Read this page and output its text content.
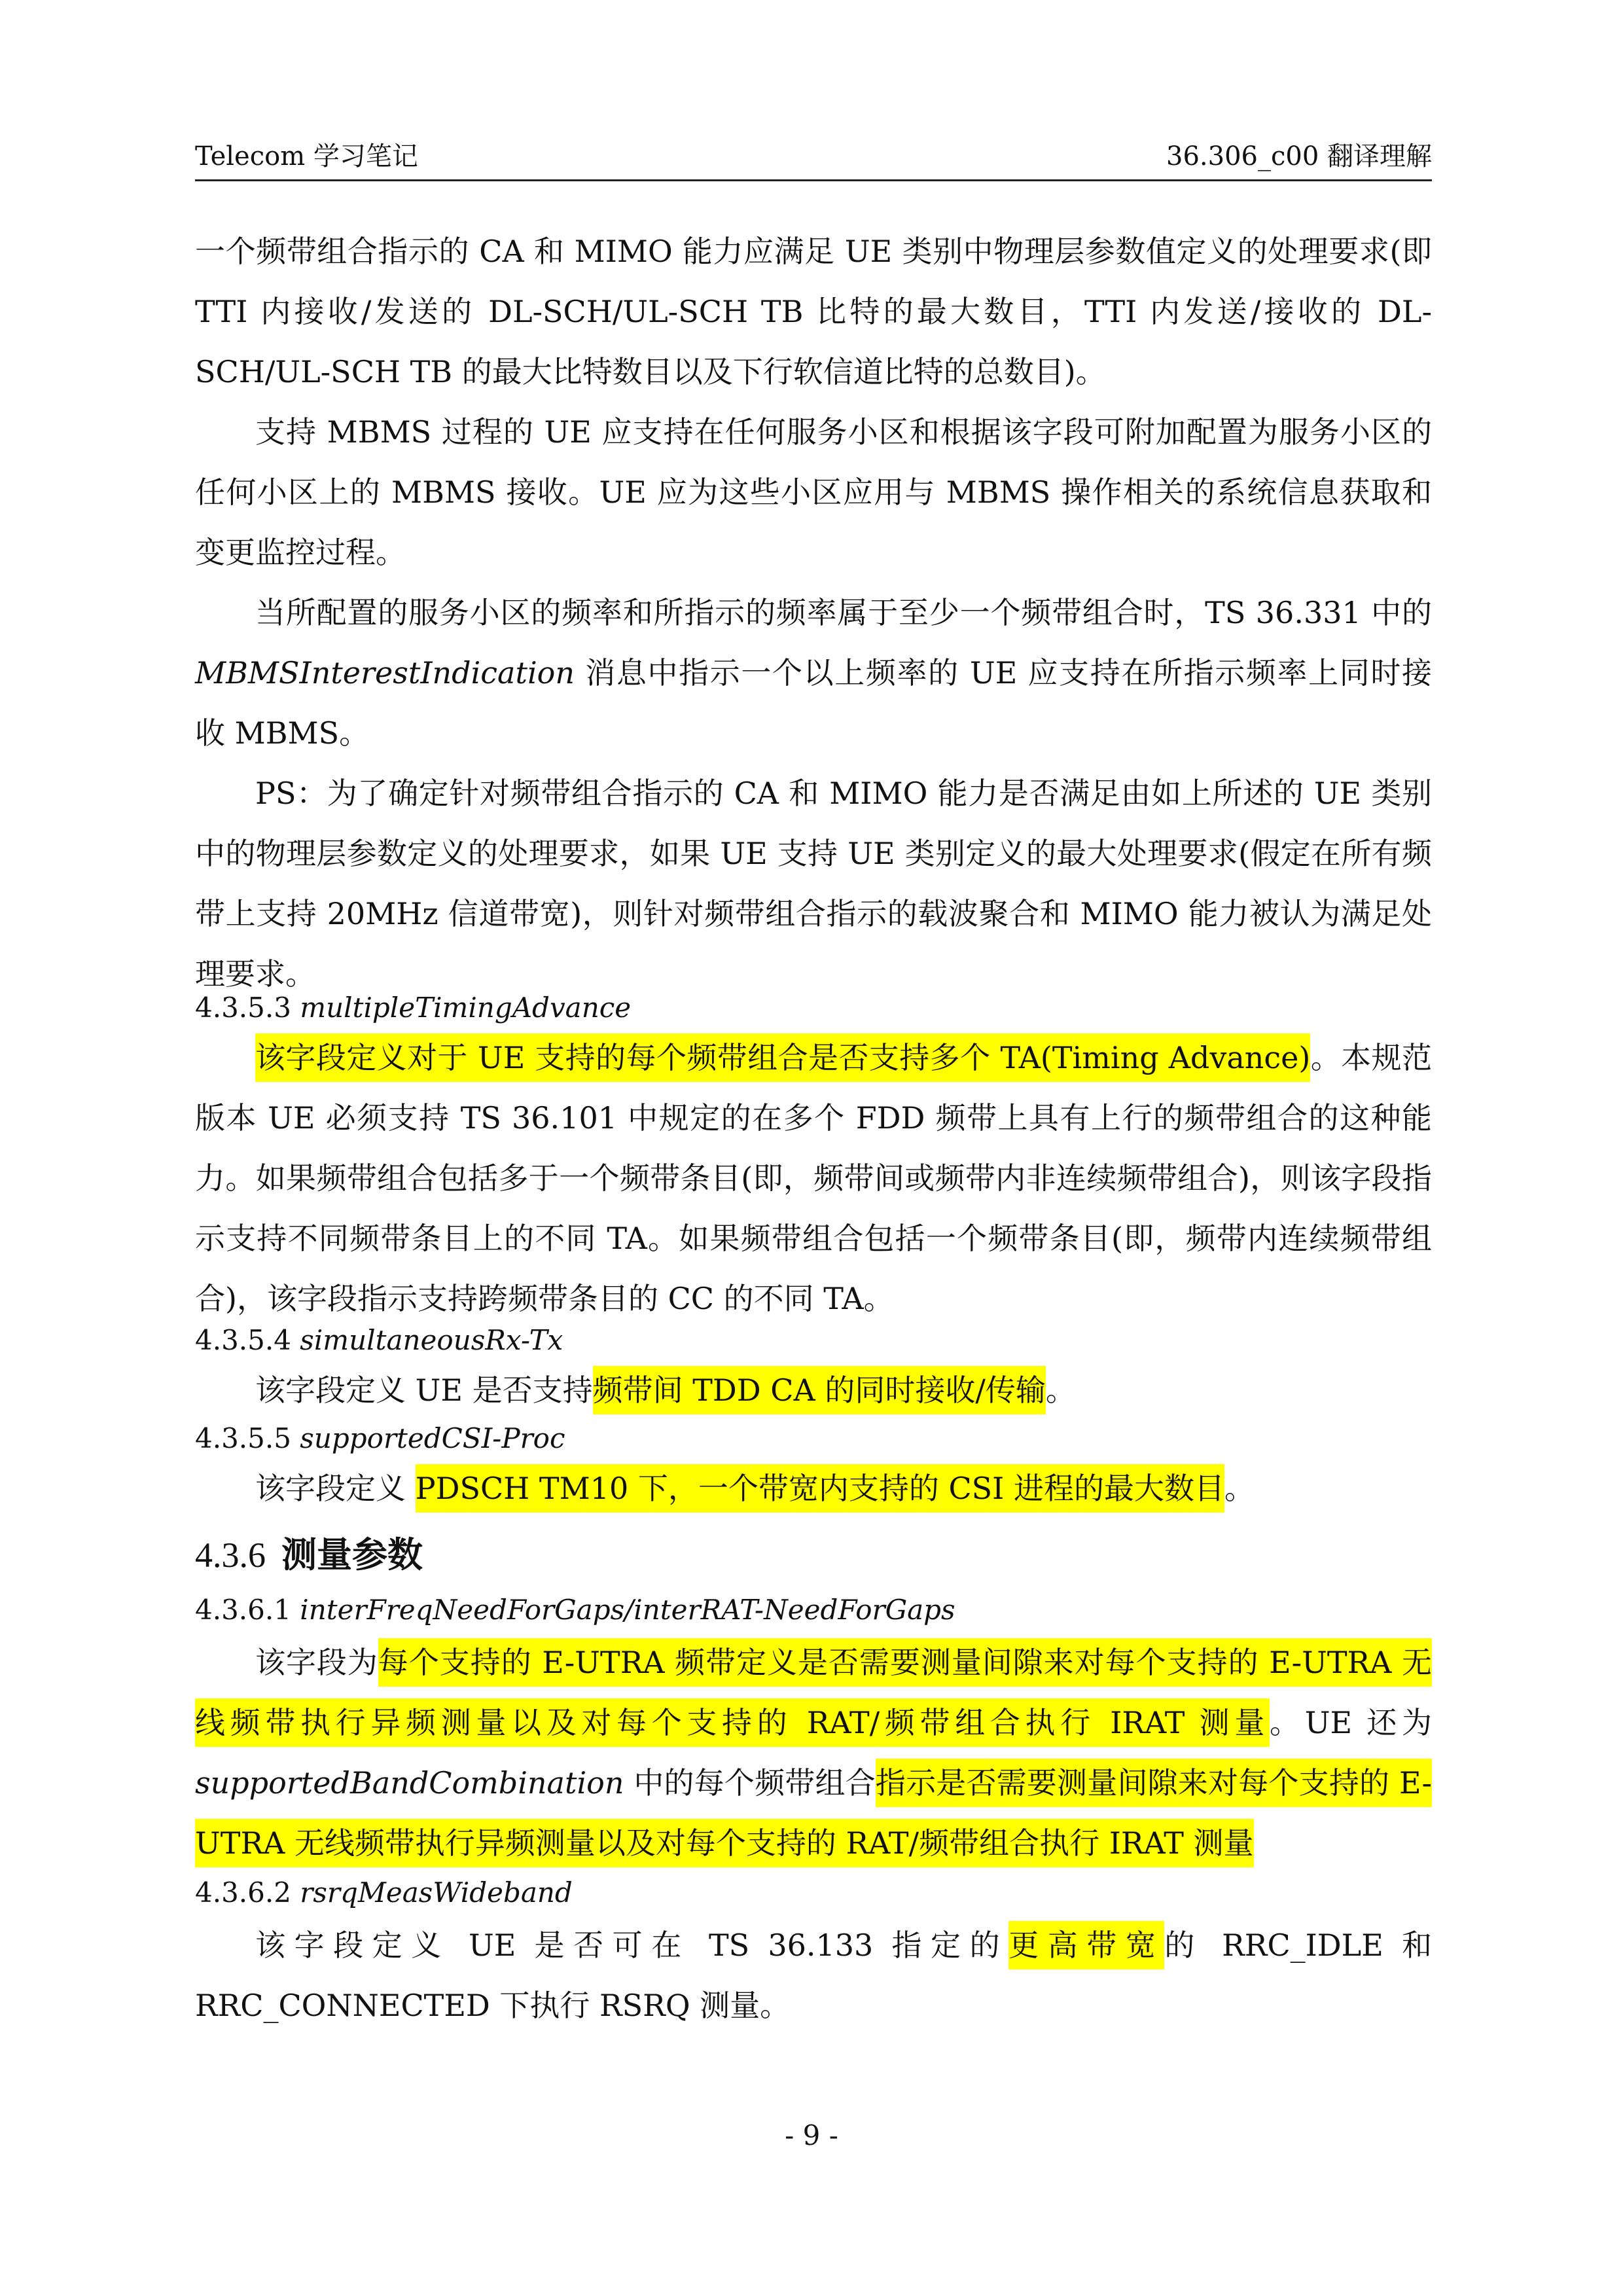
Telecom 学习笔记	36.306_c00 翻译理解

一个频带组合指示的 CA 和 MIMO 能力应满足 UE 类别中物理层参数值定义的处理要求(即 TTI 内接收/发送的 DL-SCH/UL-SCH TB 比特的最大数目，TTI 内发送/接收的 DL-SCH/UL-SCH TB 的最大比特数目以及下行软信道比特的总数目)。

支持 MBMS 过程的 UE 应支持在任何服务小区和根据该字段可附加配置为服务小区的任何小区上的 MBMS 接收。UE 应为这些小区应用与 MBMS 操作相关的系统信息获取和变更监控过程。

当所配置的服务小区的频率和所指示的频率属于至少一个频带组合时，TS 36.331 中的 MBMSInterestIndication 消息中指示一个以上频率的 UE 应支持在所指示频率上同时接收 MBMS。

PS：为了确定针对频带组合指示的 CA 和 MIMO 能力是否满足由如上所述的 UE 类别中的物理层参数定义的处理要求，如果 UE 支持 UE 类别定义的最大处理要求(假定在所有频带上支持 20MHz 信道带宽)，则针对频带组合指示的载波聚合和 MIMO 能力被认为满足处理要求。

4.3.5.3 multipleTimingAdvance

该字段定义对于 UE 支持的每个频带组合是否支持多个 TA(Timing Advance)。本规范版本 UE 必须支持 TS 36.101 中规定的在多个 FDD 频带上具有上行的频带组合的这种能力。如果频带组合包括多于一个频带条目(即，频带间或频带内非连续频带组合)，则该字段指示支持不同频带条目上的不同 TA。如果频带组合包括一个频带条目(即，频带内连续频带组合)，该字段指示支持跨频带条目的 CC 的不同 TA。

4.3.5.4 simultaneousRx-Tx

该字段定义 UE 是否支持频带间 TDD CA 的同时接收/传输。

4.3.5.5 supportedCSI-Proc

该字段定义 PDSCH TM10 下，一个带宽内支持的 CSI 进程的最大数目。

4.3.6 测量参数

4.3.6.1 interFreqNeedForGaps/interRAT-NeedForGaps

该字段为每个支持的 E-UTRA 频带定义是否需要测量间隙来对每个支持的 E-UTRA 无线频带执行异频测量以及对每个支持的 RAT/频带组合执行 IRAT 测量。UE 还为 supportedBandCombination 中的每个频带组合指示是否需要测量间隙来对每个支持的 E-UTRA 无线频带执行异频测量以及对每个支持的 RAT/频带组合执行 IRAT 测量

4.3.6.2 rsrqMeasWideband

该字段定义 UE 是否可在 TS 36.133 指定的更高带宽的 RRC_IDLE 和 RRC_CONNECTED 下执行 RSRQ 测量。

- 9 -
